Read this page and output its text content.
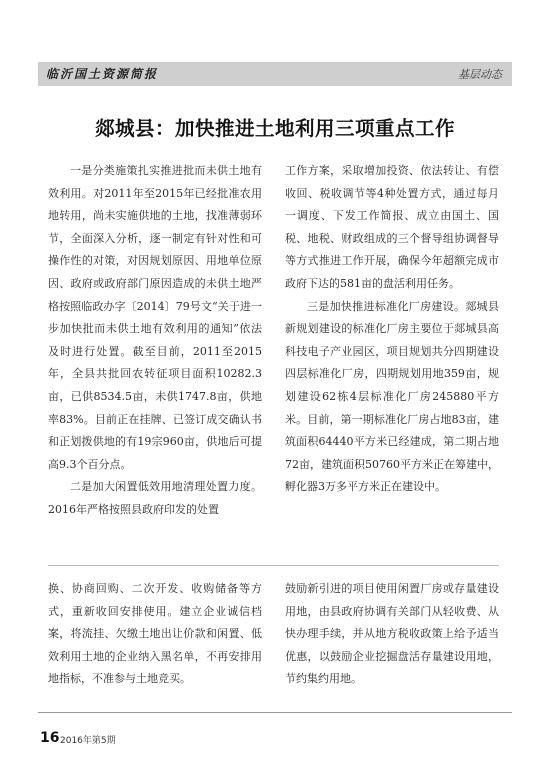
临沂国土资源简报	基层动态
郯城县：加快推进土地利用三项重点工作

一是分类施策扎实推进批而未供土地有效利用。对2011年至2015年已经批准农用地转用，尚未实施供地的土地，找准薄弱环节，全面深入分析，逐一制定有针对性和可操作性的对策，对因规划原因、用地单位原因、政府或政府部门原因造成的未供土地严格按照临政办字〔2014〕79号文“关于进一步加快批而未供土地有效利用的通知”依法及时进行处置。截至目前，2011至2015年，全县共批回农转征项目面积10282.3亩，已供8534.5亩，未供1747.8亩，供地率83%。目前正在挂牌、已签订成交确认书和正划拨供地的有19宗960亩，供地后可提高9.3个百分点。

二是加大闲置低效用地清理处置力度。2016年严格按照县政府印发的处置

工作方案，采取增加投资、依法转让、有偿收回、税收调节等4种处置方式，通过每月一调度、下发工作简报、成立由国土、国税、地税、财政组成的三个督导组协调督导等方式推进工作开展，确保今年超额完成市政府下达的581亩的盘活利用任务。

三是加快推进标准化厂房建设。郯城县新规划建设的标准化厂房主要位于郯城县高科技电子产业园区，项目规划共分四期建设四层标准化厂房，四期规划用地359亩，规划建设62栋4层标准化厂房245880平方米。目前，第一期标准化厂房占地83亩，建筑面积64440平方米已经建成，第二期占地72亩，建筑面积50760平方米正在筹建中，孵化器3万多平方米正在建设中。

换、协商回购、二次开发、收购储备等方式，重新收回安排使用。建立企业诚信档案，将流挂、欠缴土地出让价款和闲置、低效利用土地的企业纳入黑名单，不再安排用地指标，不准参与土地竞买。

鼓励新引进的项目使用闲置厂房或存量建设用地，由县政府协调有关部门从轻收费、从快办理手续，并从地方税收政策上给予适当优惠，以鼓励企业挖掘盘活存量建设用地，节约集约用地。

16 2016年第5期
